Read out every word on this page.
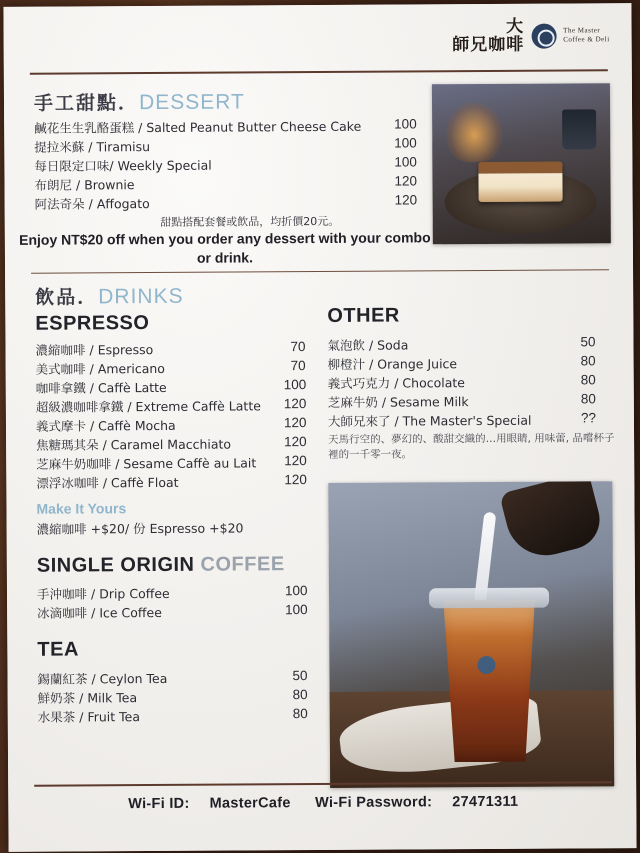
大
師兄咖啡
The Master
Coffee & Deli
手工甜點．DESSERT
鹹花生生乳酪蛋糕 / Salted Peanut Butter Cheese Cake 100
提拉米蘇 / Tiramisu	100
每日限定口味/ Weekly Special	100
布朗尼 / Brownie	120
阿法奇朵 / Affogato	120
甜點搭配套餐或飲品，均折價20元。
Enjoy NT$20 off when you order any dessert with your combo or drink.
飲品．DRINKS
ESPRESSO
濃縮咖啡 / Espresso	70
美式咖啡 / Americano	70
咖啡拿鐵 / Caffè Latte	100
超級濃咖啡拿鐵 / Extreme Caffè Latte 120
義式摩卡 / Caffè Mocha	120
焦糖瑪其朵 / Caramel Macchiato	120
芝麻牛奶咖啡 / Sesame Caffè au Lait 120
漂浮冰咖啡 / Caffè Float	120
Make It Yours
濃縮咖啡 +$20/ 份 Espresso +$20
SINGLE ORIGIN COFFEE
手沖咖啡 / Drip Coffee	100
冰滴咖啡 / Ice Coffee	100
TEA
錫蘭紅茶 / Ceylon Tea	50
鮮奶茶 / Milk Tea	80
水果茶 / Fruit Tea	80
OTHER
氣泡飲 / Soda	50
柳橙汁 / Orange Juice	80
義式巧克力 / Chocolate	80
芝麻牛奶 / Sesame Milk	80
大師兄來了 / The Master's Special	??
天馬行空的、夢幻的、酸甜交織的…用眼睛, 用味蕾, 品嚐杯子裡的一千零一夜。
Wi-Fi ID: MasterCafe Wi-Fi Password: 27471311
